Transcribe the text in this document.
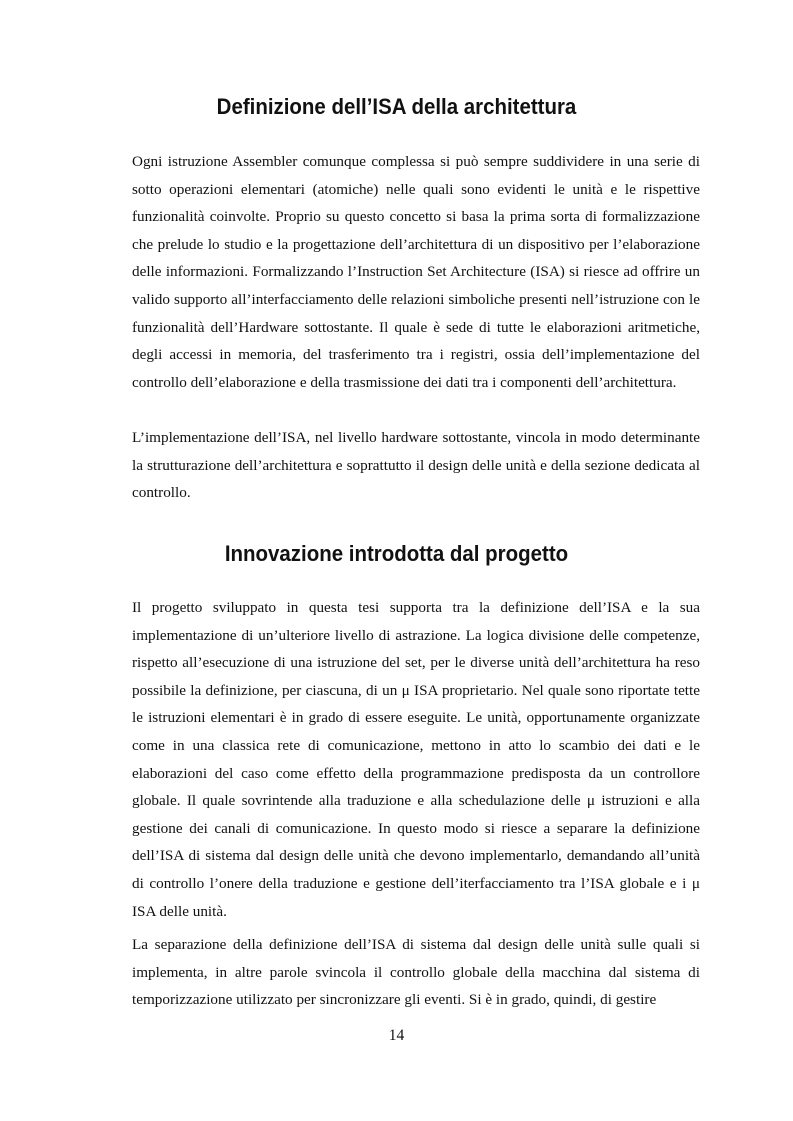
Definizione dell’ISA della architettura

Ogni istruzione Assembler comunque complessa si può sempre suddividere in una serie di sotto operazioni elementari (atomiche) nelle quali sono evidenti le unità e le rispettive funzionalità coinvolte. Proprio su questo concetto si basa la prima sorta di formalizzazione che prelude lo studio e la progettazione dell’architettura di un dispositivo per l’elaborazione delle informazioni. Formalizzando l’Instruction Set Architecture (ISA) si riesce ad offrire un valido supporto all’interfacciamento delle relazioni simboliche presenti nell’istruzione con le funzionalità dell’Hardware sottostante. Il quale è sede di tutte le elaborazioni aritmetiche, degli accessi in memoria, del trasferimento tra i registri, ossia dell’implementazione del controllo dell’elaborazione e della trasmissione dei dati tra i componenti dell’architettura.

L’implementazione dell’ISA, nel livello hardware sottostante, vincola in modo determinante la strutturazione dell’architettura e soprattutto il design delle unità e della sezione dedicata al controllo.

Innovazione introdotta dal progetto

Il progetto sviluppato in questa tesi supporta tra la definizione dell’ISA e la sua implementazione di un’ulteriore livello di astrazione. La logica divisione delle competenze, rispetto all’esecuzione di una istruzione del set, per le diverse unità dell’architettura ha reso possibile la definizione, per ciascuna, di un μ ISA proprietario. Nel quale sono riportate tette le istruzioni elementari è in grado di essere eseguite. Le unità, opportunamente organizzate come in una classica rete di comunicazione, mettono in atto lo scambio dei dati e le elaborazioni del caso come effetto della programmazione predisposta da un controllore globale. Il quale sovrintende alla traduzione e alla schedulazione delle μ istruzioni e alla gestione dei canali di comunicazione. In questo modo si riesce a separare la definizione dell’ISA di sistema dal design delle unità che devono implementarlo, demandando all’unità di controllo l’onere della traduzione e gestione dell’iterfacciamento tra l’ISA globale e i μ ISA delle unità.

La separazione della definizione dell’ISA di sistema dal design delle unità sulle quali si implementa, in altre parole svincola il controllo globale della macchina dal sistema di temporizzazione utilizzato per sincronizzare gli eventi. Si è in grado, quindi, di gestire

14
